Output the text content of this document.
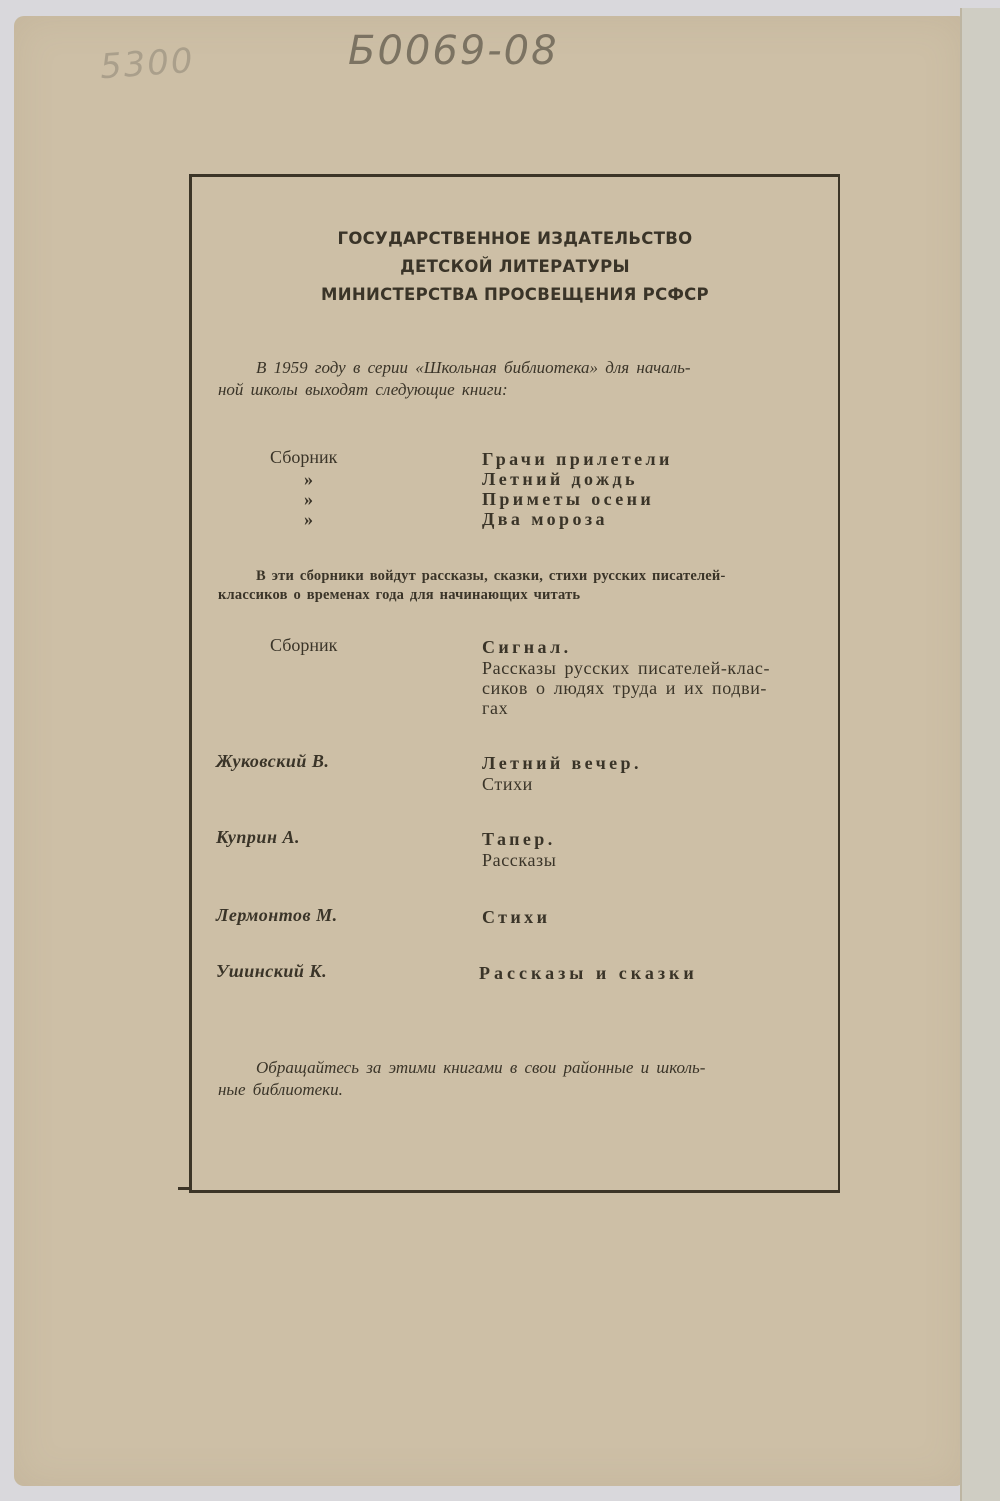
5300	Б0069-08
ГОСУДАРСТВЕННОЕ ИЗДАТЕЛЬСТВО
ДЕТСКОЙ ЛИТЕРАТУРЫ
МИНИСТЕРСТВА ПРОСВЕЩЕНИЯ РСФСР
В 1959 году в серии «Школьная библиотека» для началь-
ной школы выходят следующие книги:
Сборник	Грачи прилетели
»	Летний дождь
»	Приметы осени
»	Два мороза
В эти сборники войдут рассказы, сказки, стихи русских писателей-
классиков о временах года для начинающих читать
Сборник	Сигнал.
Рассказы русских писателей-клас-
сиков о людях труда и их подви-
гах
Жуковский В.	Летний вечер.
Стихи
Куприн А.	Тапер.
Рассказы
Лермонтов М.	Стихи
Ушинский К.	Рассказы и сказки
Обращайтесь за этими книгами в свои районные и школь-
ные библиотеки.
